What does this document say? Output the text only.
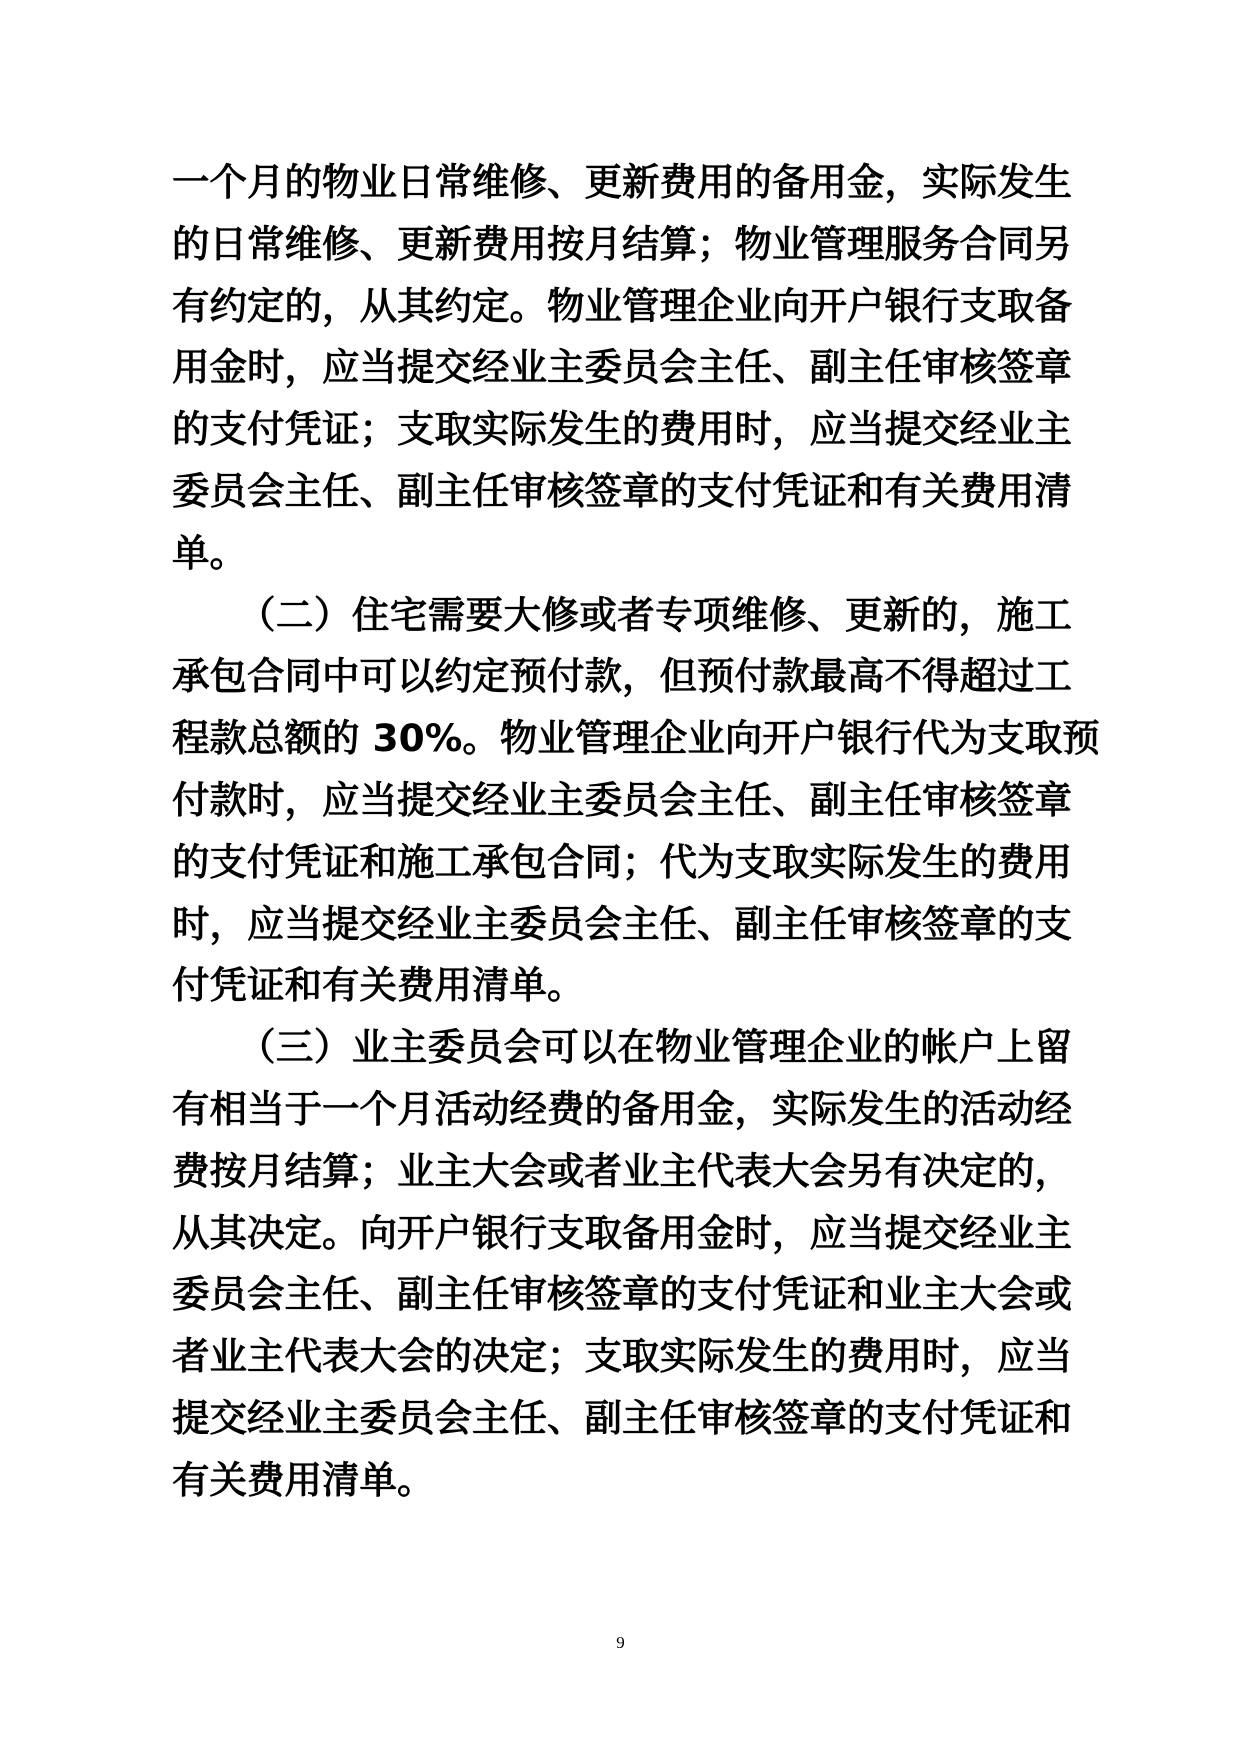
一个月的物业日常维修、更新费用的备用金，实际发生
的日常维修、更新费用按月结算；物业管理服务合同另
有约定的，从其约定。物业管理企业向开户银行支取备
用金时，应当提交经业主委员会主任、副主任审核签章
的支付凭证；支取实际发生的费用时，应当提交经业主
委员会主任、副主任审核签章的支付凭证和有关费用清
单。
（二）住宅需要大修或者专项维修、更新的，施工
承包合同中可以约定预付款，但预付款最高不得超过工
程款总额的 30%。物业管理企业向开户银行代为支取预
付款时，应当提交经业主委员会主任、副主任审核签章
的支付凭证和施工承包合同；代为支取实际发生的费用
时，应当提交经业主委员会主任、副主任审核签章的支
付凭证和有关费用清单。
（三）业主委员会可以在物业管理企业的帐户上留
有相当于一个月活动经费的备用金，实际发生的活动经
费按月结算；业主大会或者业主代表大会另有决定的，
从其决定。向开户银行支取备用金时，应当提交经业主
委员会主任、副主任审核签章的支付凭证和业主大会或
者业主代表大会的决定；支取实际发生的费用时，应当
提交经业主委员会主任、副主任审核签章的支付凭证和
有关费用清单。
9
